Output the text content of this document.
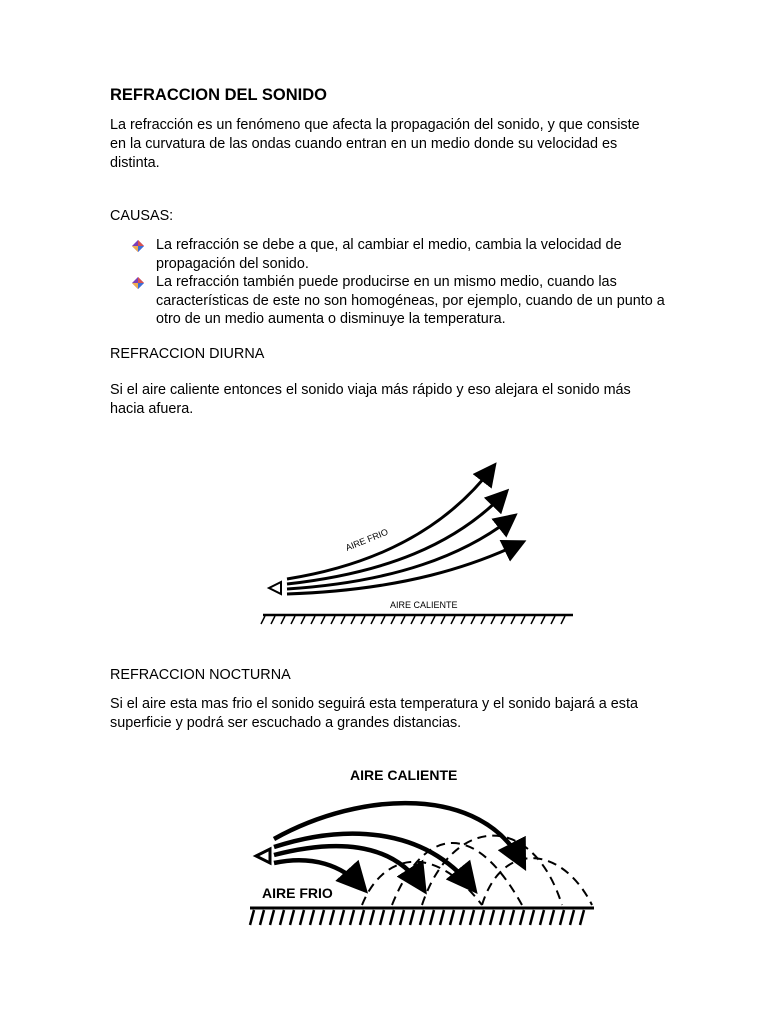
REFRACCION DEL SONIDO

La refracción es un fenómeno que afecta la propagación del sonido, y que consiste en la curvatura de las ondas cuando entran en un medio donde su velocidad es distinta.

CAUSAS:

La refracción se debe a que, al cambiar el medio, cambia la velocidad de propagación del sonido.
La refracción también puede producirse en un mismo medio, cuando las características de este no son homogéneas, por ejemplo, cuando de un punto a otro de un medio aumenta o disminuye la temperatura.

REFRACCION DIURNA

Si el aire caliente entonces el sonido viaja más rápido y eso alejara el sonido más hacia afuera.

AIRE FRIO
AIRE CALIENTE

REFRACCION NOCTURNA

Si el aire esta mas frio el sonido seguirá esta temperatura y el sonido bajará a esta superficie y podrá ser escuchado a grandes distancias.

AIRE CALIENTE
AIRE FRIO
